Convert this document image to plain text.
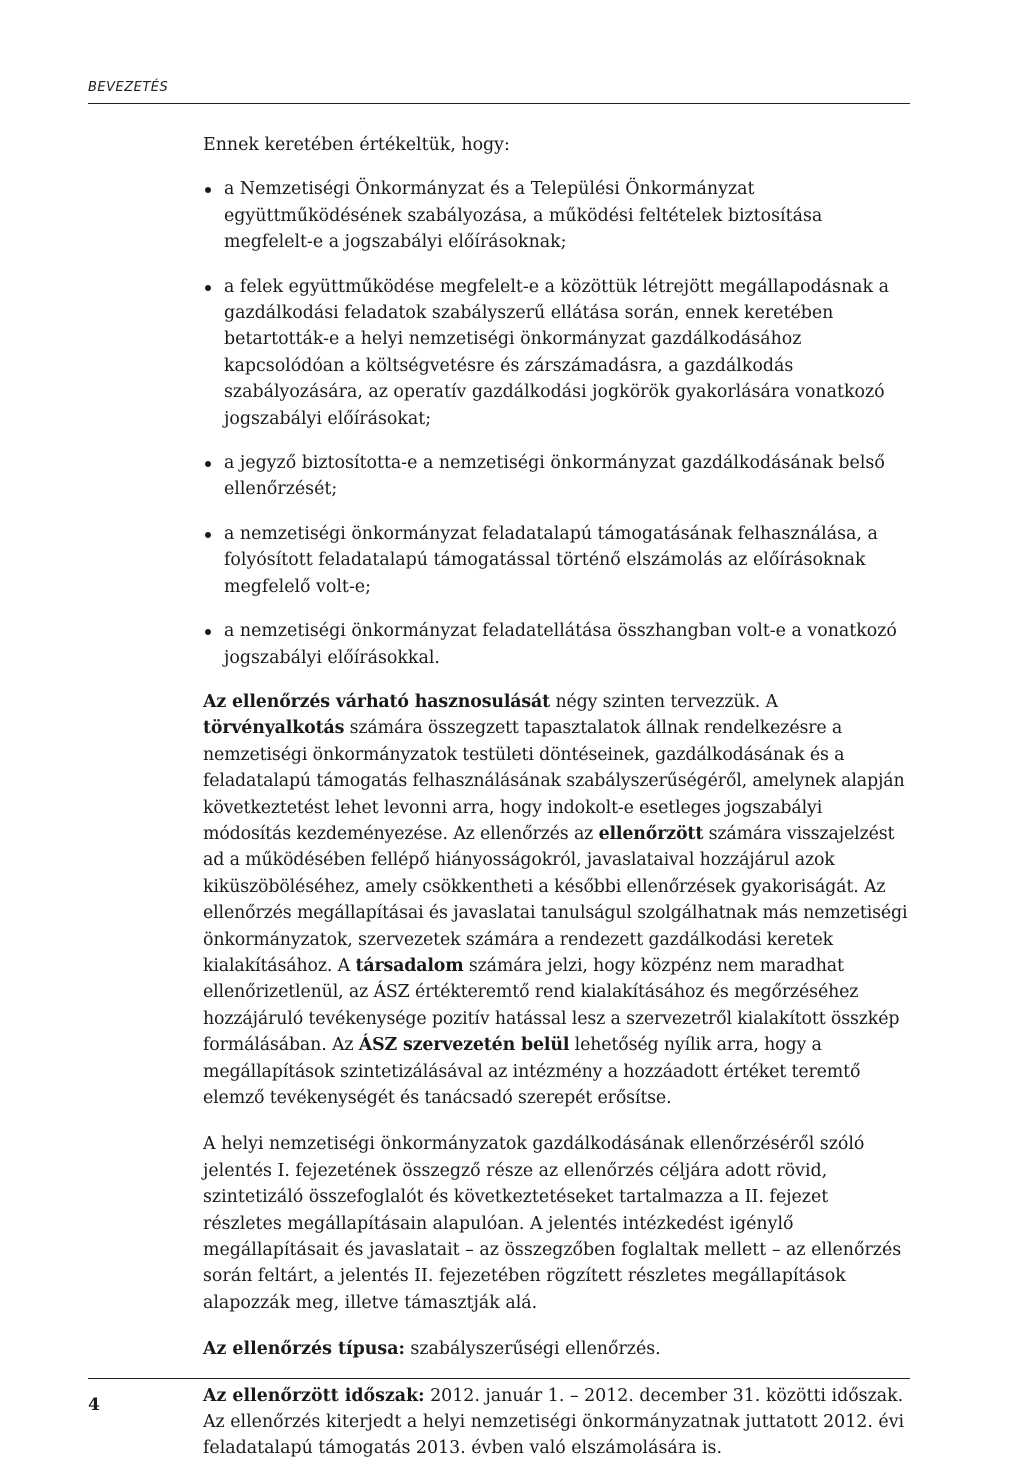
BEVEZETÉS

Ennek keretében értékeltük, hogy:

a Nemzetiségi Önkormányzat és a Települési Önkormányzat együttműködésének szabályozása, a működési feltételek biztosítása megfelelt-e a jogszabályi előírásoknak;
a felek együttműködése megfelelt-e a közöttük létrejött megállapodásnak a gazdálkodási feladatok szabályszerű ellátása során, ennek keretében betartották-e a helyi nemzetiségi önkormányzat gazdálkodásához kapcsolódóan a költségvetésre és zárszámadásra, a gazdálkodás szabályozására, az operatív gazdálkodási jogkörök gyakorlására vonatkozó jogszabályi előírásokat;
a jegyző biztosította-e a nemzetiségi önkormányzat gazdálkodásának belső ellenőrzését;
a nemzetiségi önkormányzat feladatalapú támogatásának felhasználása, a folyósított feladatalapú támogatással történő elszámolás az előírásoknak megfelelő volt-e;
a nemzetiségi önkormányzat feladatellátása összhangban volt-e a vonatkozó jogszabályi előírásokkal.

Az ellenőrzés várható hasznosulását négy szinten tervezzük. A törvényalkotás számára összegzett tapasztalatok állnak rendelkezésre a nemzetiségi önkormányzatok testületi döntéseinek, gazdálkodásának és a feladatalapú támogatás felhasználásának szabályszerűségéről, amelynek alapján következtetést lehet levonni arra, hogy indokolt-e esetleges jogszabályi módosítás kezdeményezése. Az ellenőrzés az ellenőrzött számára visszajelzést ad a működésében fellépő hiányosságokról, javaslataival hozzájárul azok kiküszöböléséhez, amely csökkentheti a későbbi ellenőrzések gyakoriságát. Az ellenőrzés megállapításai és javaslatai tanulságul szolgálhatnak más nemzetiségi önkormányzatok, szervezetek számára a rendezett gazdálkodási keretek kialakításához. A társadalom számára jelzi, hogy közpénz nem maradhat ellenőrizetlenül, az ÁSZ értékteremtő rend kialakításához és megőrzéséhez hozzájáruló tevékenysége pozitív hatással lesz a szervezetről kialakított összkép formálásában. Az ÁSZ szervezetén belül lehetőség nyílik arra, hogy a megállapítások szintetizálásával az intézmény a hozzáadott értéket teremtő elemző tevékenységét és tanácsadó szerepét erősítse.

A helyi nemzetiségi önkormányzatok gazdálkodásának ellenőrzéséről szóló jelentés I. fejezetének összegző része az ellenőrzés céljára adott rövid, szintetizáló összefoglalót és következtetéseket tartalmazza a II. fejezet részletes megállapításain alapulóan. A jelentés intézkedést igénylő megállapításait és javaslatait – az összegzőben foglaltak mellett – az ellenőrzés során feltárt, a jelentés II. fejezetében rögzített részletes megállapítások alapozzák meg, illetve támasztják alá.

Az ellenőrzés típusa: szabályszerűségi ellenőrzés.

Az ellenőrzött időszak: 2012. január 1. – 2012. december 31. közötti időszak. Az ellenőrzés kiterjedt a helyi nemzetiségi önkormányzatnak juttatott 2012. évi feladatalapú támogatás 2013. évben való elszámolására is.

4
